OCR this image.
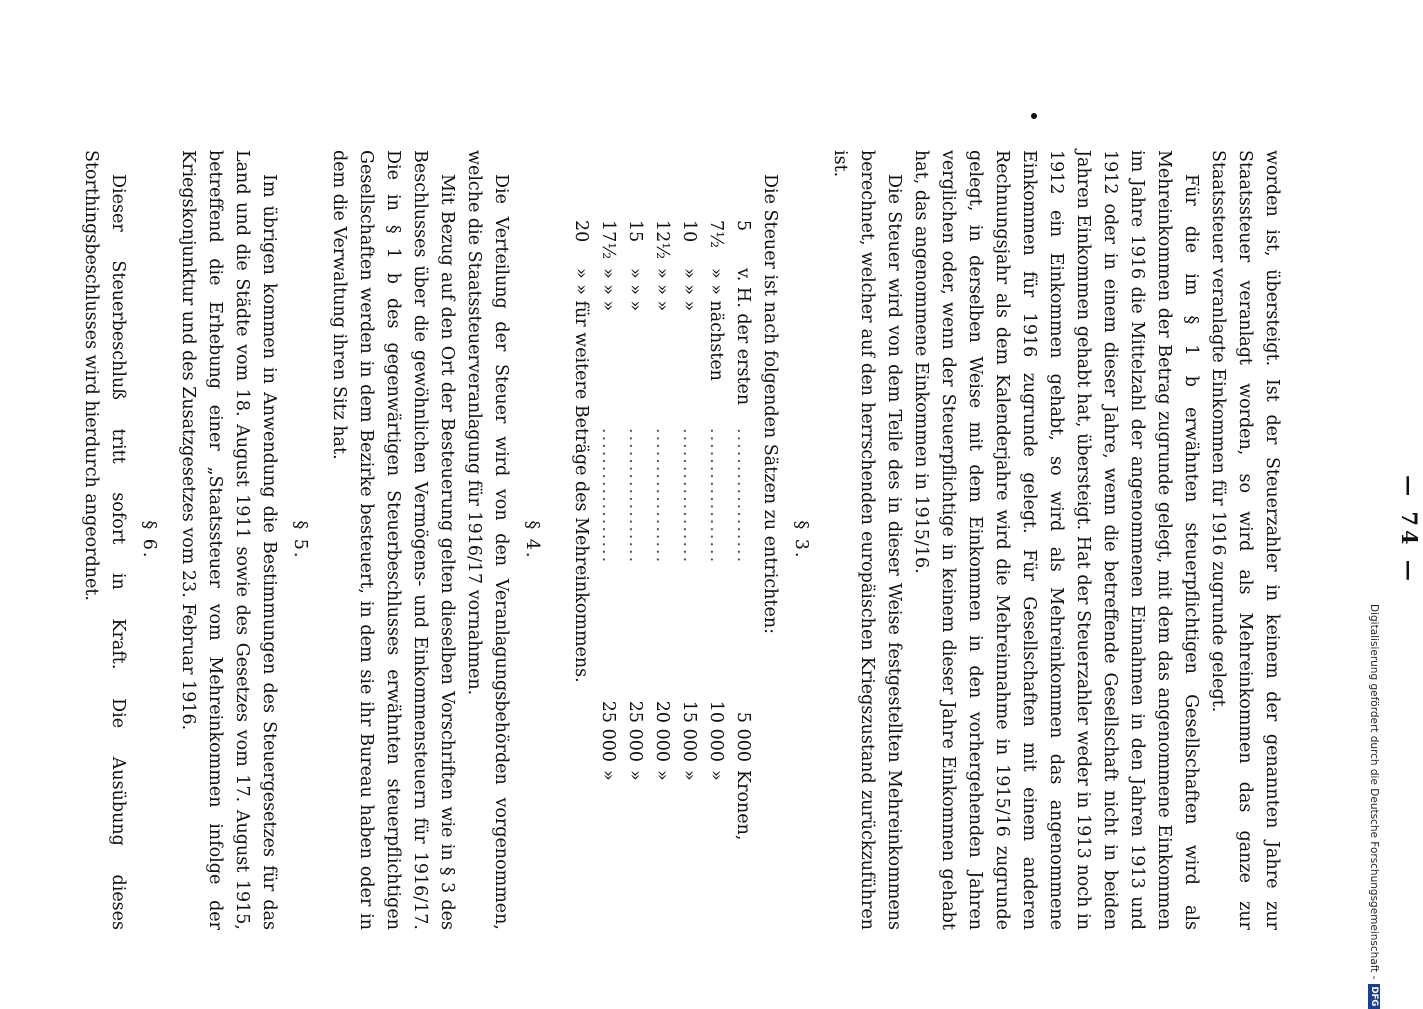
— 74 —

worden ist, übersteigt. Ist der Steuerzahler in keinem der genannten Jahre zur Staatssteuer veranlagt worden, so wird als Mehreinkommen das ganze zur Staatssteuer veranlagte Einkommen für 1916 zugrunde gelegt.

Für die im § 1 b erwähnten steuerpflichtigen Gesellschaften wird als Mehreinkommen der Betrag zugrunde gelegt, mit dem das angenommene Einkommen im Jahre 1916 die Mittelzahl der angenommenen Einnahmen in den Jahren 1913 und 1912 oder in einem dieser Jahre, wenn die betreffende Gesellschaft nicht in beiden Jahren Einkommen gehabt hat, übersteigt. Hat der Steuerzahler weder in 1913 noch in 1912 ein Einkommen gehabt, so wird als Mehreinkommen das angenommene Einkommen für 1916 zugrunde gelegt. Für Gesellschaften mit einem anderen Rechnungsjahr als dem Kalenderjahre wird die Mehreinnahme in 1915/16 zugrunde gelegt, in derselben Weise mit dem Einkommen in den vorhergehenden Jahren verglichen oder, wenn der Steuerpflichtige in keinem dieser Jahre Einkommen gehabt hat, das angenommene Einkommen in 1915/16.

Die Steuer wird von dem Teile des in dieser Weise festgestellten Mehreinkommens berechnet, welcher auf den herrschenden europäischen Kriegszustand zurückzuführen ist.

§ 3.

Die Steuer ist nach folgenden Sätzen zu entrichten:

5
v. H. der ersten
..................
5 000
Kronen,
7½
» » nächsten
..................
10 000
»
10
» » »
..................
15 000
»
12½
» » »
..................
20 000
»
15
» » »
..................
25 000
»
17½
» » »
..................
25 000
»
20
» » für weitere Beträge des Mehreinkommens.
§ 4.

Die Verteilung der Steuer wird von den Veranlagungsbehörden vorgenommen, welche die Staatssteuerveranlagung für 1916/17 vornahmen.

Mit Bezug auf den Ort der Besteuerung gelten dieselben Vorschriften wie in § 3 des Beschlusses über die gewöhnlichen Vermögens- und Einkommensteuern für 1916/17. Die in § 1 b des gegenwärtigen Steuerbeschlusses erwähnten steuerpflichtigen Gesellschaften werden in dem Bezirke besteuert, in dem sie ihr Bureau haben oder in dem die Verwaltung ihren Sitz hat.

§ 5.

Im übrigen kommen in Anwendung die Bestimmungen des Steuergesetzes für das Land und die Städte vom 18. August 1911 sowie des Gesetzes vom 17. August 1915, betreffend die Erhebung einer „Staatssteuer vom Mehreinkommen infolge der Kriegskonjunktur und des Zusatzgesetzes vom 23. Februar 1916.

§ 6.

Dieser Steuerbeschluß tritt sofort in Kraft. Die Ausübung dieses Storthingsbeschlusses wird hierdurch angeordnet.

Digitalisierung gefördert durch die Deutsche Forschungsgemeinschaft -
DFG
